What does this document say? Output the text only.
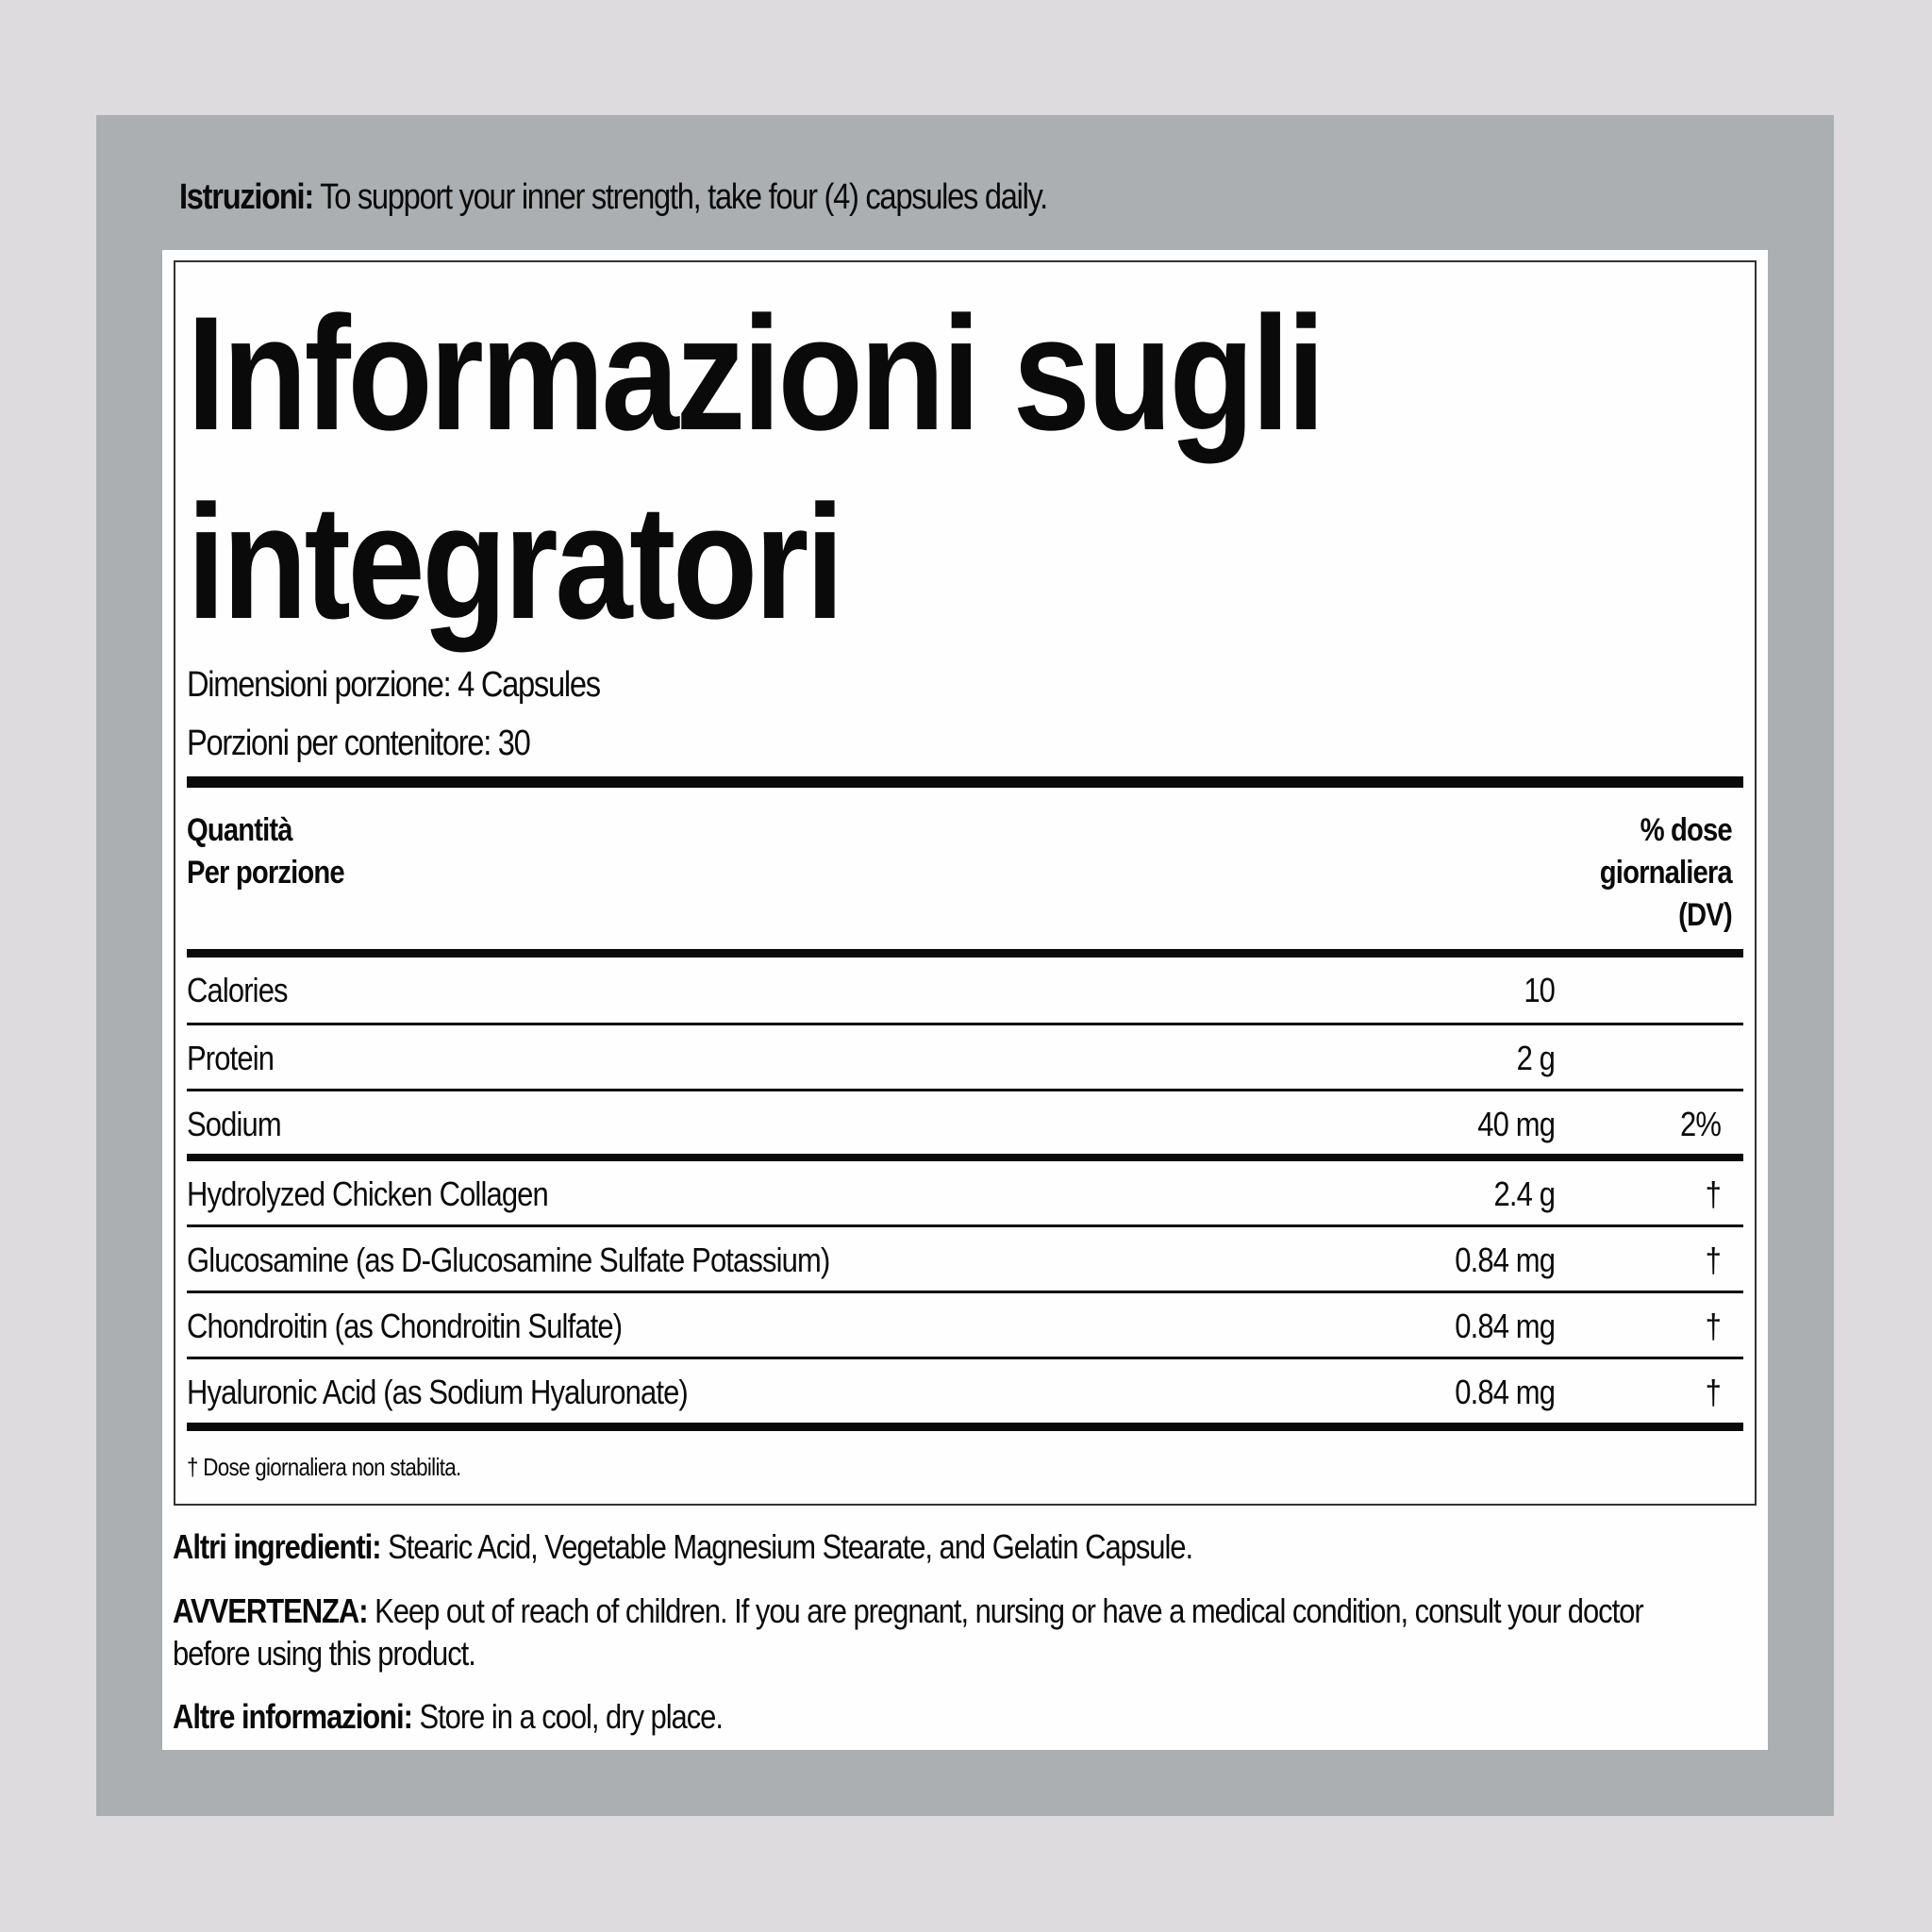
Istruzioni: To support your inner strength, take four (4) capsules daily.
Informazioni sugli
integratori
Dimensioni porzione: 4 Capsules
Porzioni per contenitore: 30
Quantità
Per porzione
% dose
giornaliera
(DV)
Calories	10
Protein	2 g
Sodium	40 mg	2%
Hydrolyzed Chicken Collagen	2.4 g	†
Glucosamine (as D-Glucosamine Sulfate Potassium)	0.84 mg	†
Chondroitin (as Chondroitin Sulfate)	0.84 mg	†
Hyaluronic Acid (as Sodium Hyaluronate)	0.84 mg	†
† Dose giornaliera non stabilita.
Altri ingredienti: Stearic Acid, Vegetable Magnesium Stearate, and Gelatin Capsule.
AVVERTENZA: Keep out of reach of children. If you are pregnant, nursing or have a medical condition, consult your doctor before using this product.
Altre informazioni: Store in a cool, dry place.
